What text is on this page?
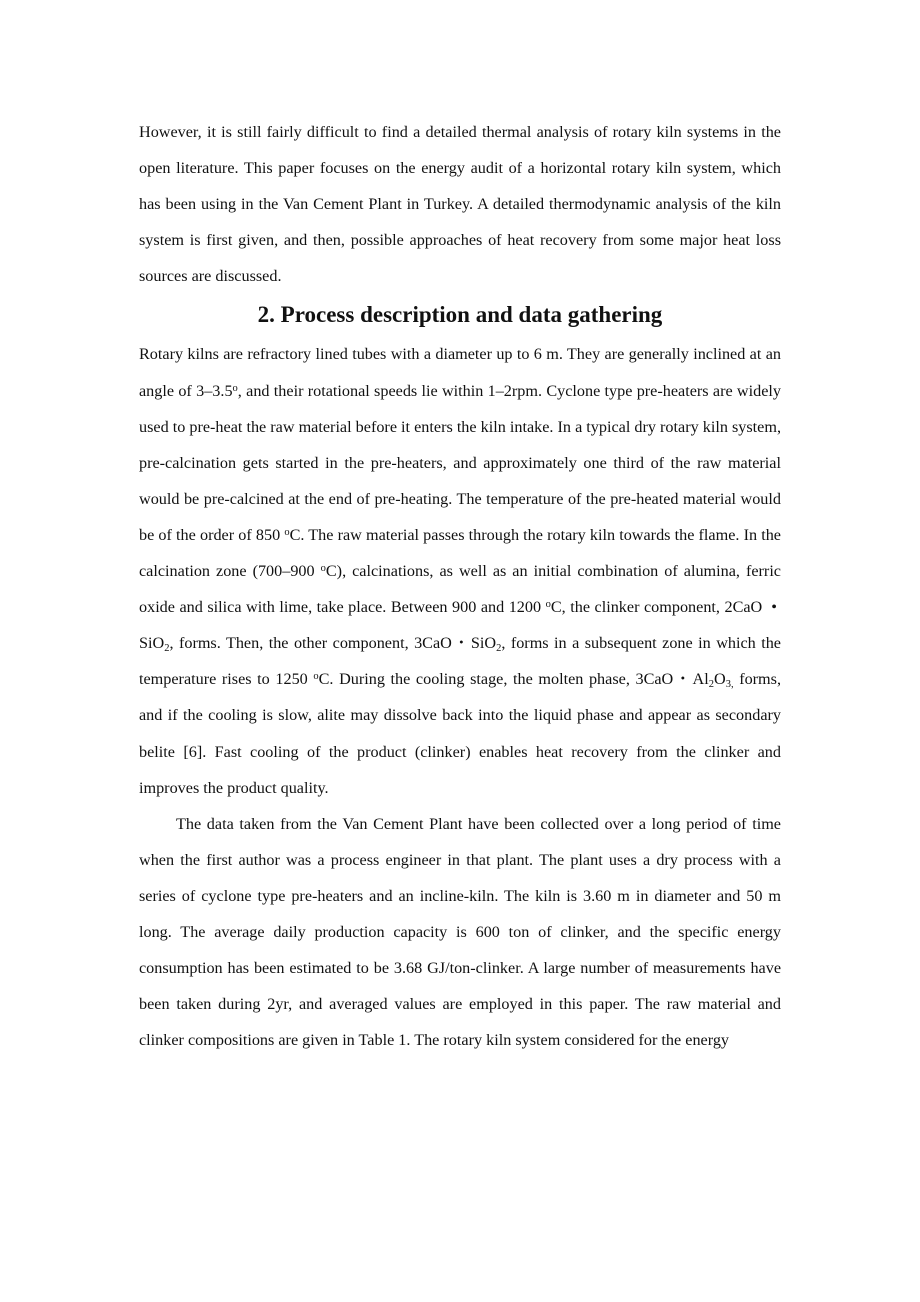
However, it is still fairly difficult to find a detailed thermal analysis of rotary kiln systems in the open literature. This paper focuses on the energy audit of a horizontal rotary kiln system, which has been using in the Van Cement Plant in Turkey. A detailed thermodynamic analysis of the kiln system is first given, and then, possible approaches of heat recovery from some major heat loss sources are discussed.

2. Process description and data gathering

Rotary kilns are refractory lined tubes with a diameter up to 6 m. They are generally inclined at an angle of 3–3.5$^o$, and their rotational speeds lie within 1–2rpm. Cyclone type pre-heaters are widely used to pre-heat the raw material before it enters the kiln intake. In a typical dry rotary kiln system, pre-calcination gets started in the pre-heaters, and approximately one third of the raw material would be pre-calcined at the end of pre-heating. The temperature of the pre-heated material would be of the order of 850 $^o$C. The raw material passes through the rotary kiln towards the flame. In the calcination zone (700–900 $^o$C), calcinations, as well as an initial combination of alumina, ferric oxide and silica with lime, take place. Between 900 and 1200 $^o$C, the clinker component, 2CaO  •  SiO$_2$, forms. Then, the other component, 3CaO・SiO$_2$, forms in a subsequent zone in which the temperature rises to 1250 $^o$C. During the cooling stage, the molten phase, 3CaO・$Al_2O_{3,}$ forms, and if the cooling is slow, alite may dissolve back into the liquid phase and appear as secondary belite [6]. Fast cooling of the product (clinker) enables heat recovery from the clinker and improves the product quality.

The data taken from the Van Cement Plant have been collected over a long period of time when the first author was a process engineer in that plant. The plant uses a dry process with a series of cyclone type pre-heaters and an incline-kiln. The kiln is 3.60 m in diameter and 50 m long. The average daily production capacity is 600 ton of clinker, and the specific energy consumption has been estimated to be 3.68 GJ/ton-clinker. A large number of measurements have been taken during 2yr, and averaged values are employed in this paper. The raw material and clinker compositions are given in Table 1. The rotary kiln system considered for the energy
